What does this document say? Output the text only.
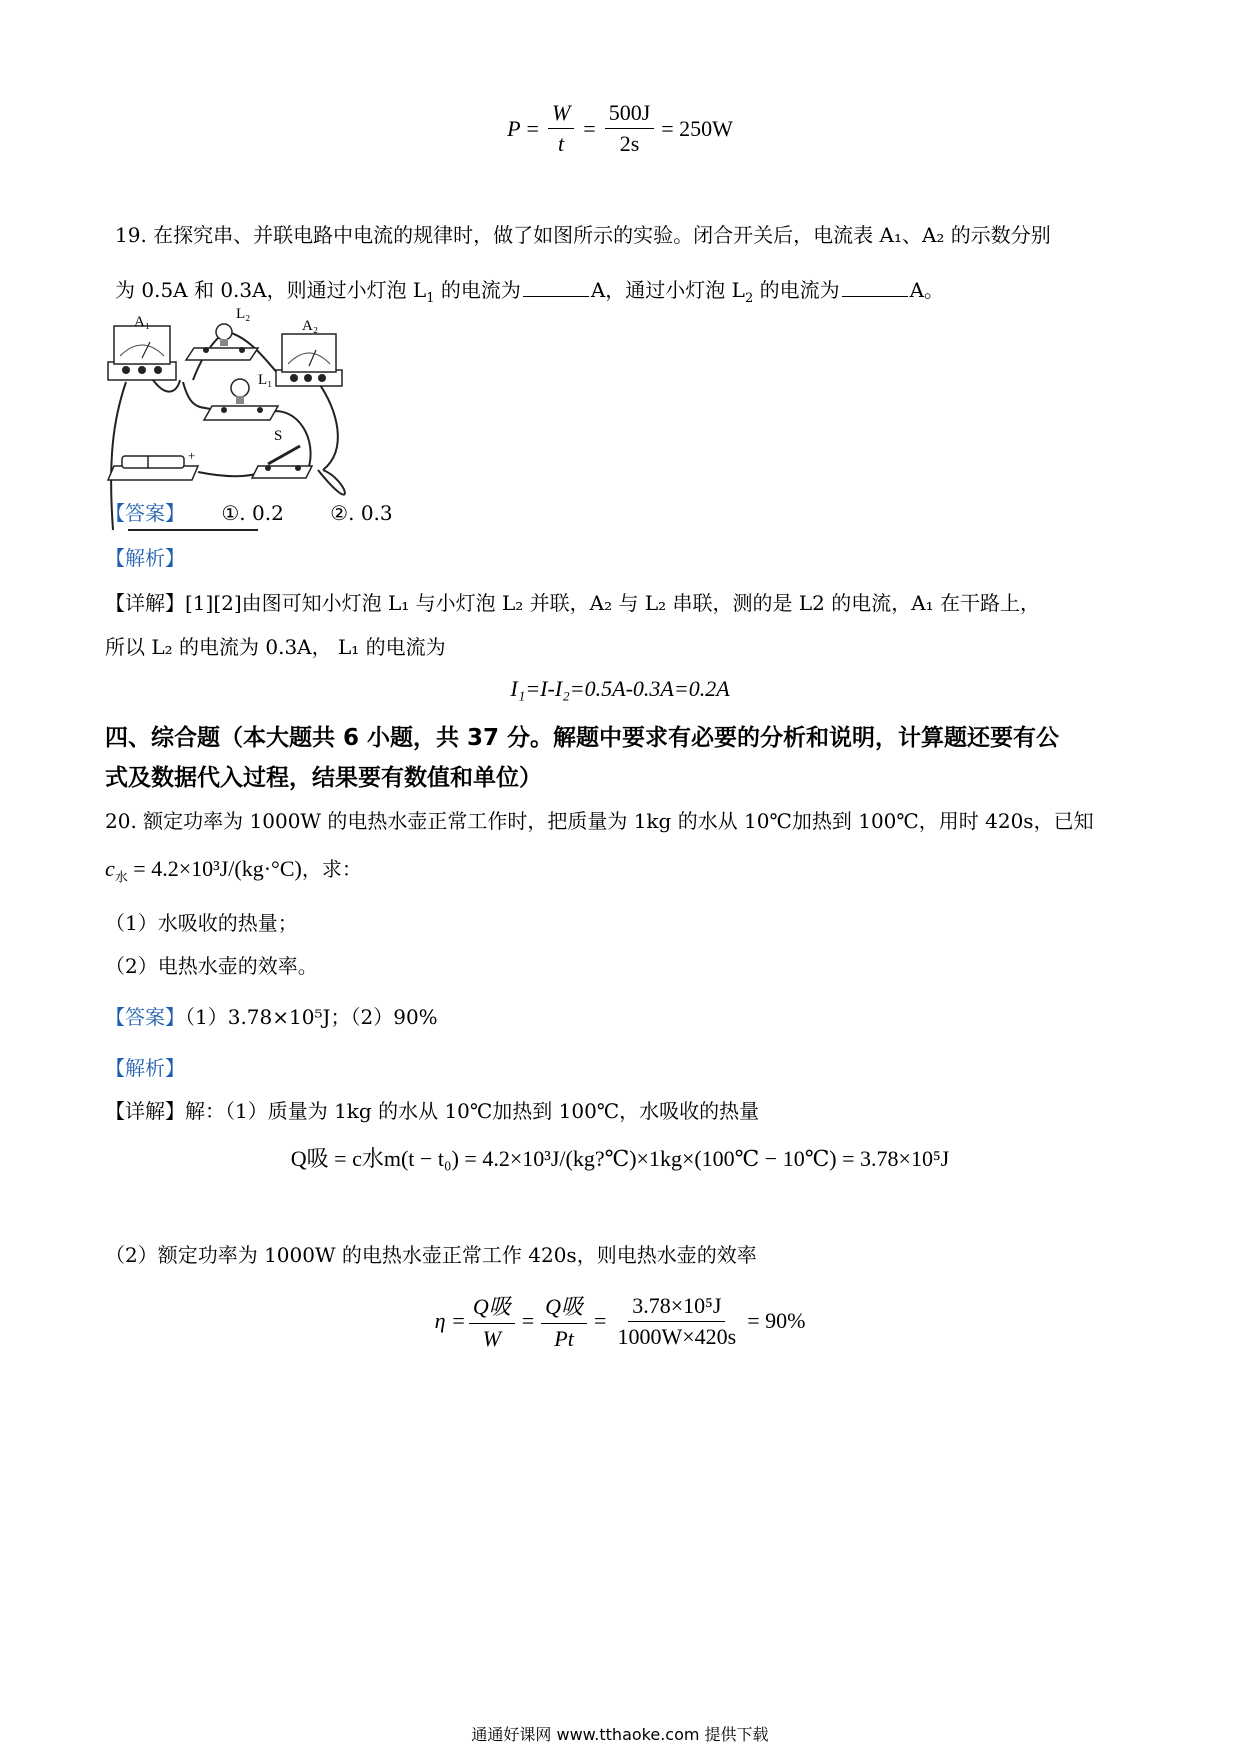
$P = \frac{W}{t} = \frac{500J}{2s} = 250W$
19. 在探究串、并联电路中电流的规律时，做了如图所示的实验。闭合开关后，电流表 A₁、A₂ 的示数分别
为 0.5A 和 0.3A，则通过小灯泡 $L_1$ 的电流为	A，通过小灯泡 $L_2$ 的电流为	A。
A₁	L₂
A₂
L₁
+
S
【答案】 ①. 0.2 ②. 0.3
【解析】
【详解】[1][2]由图可知小灯泡 L₁ 与小灯泡 L₂ 并联，A₂ 与 L₂ 串联，测的是 L2 的电流，A₁ 在干路上，
所以 L₂ 的电流为 0.3A， L₁ 的电流为
I₁=I-I₂=0.5A-0.3A=0.2A
四、综合题（本大题共 6 小题，共 37 分。解题中要求有必要的分析和说明，计算题还要有公
式及数据代入过程，结果要有数值和单位）
20. 额定功率为 1000W 的电热水壶正常工作时，把质量为 1kg 的水从 10℃加热到 100℃，用时 420s，已知
$c_水 = 4.2\times 10^3J/(kg\cdot^\circ C)$，求：
（1）水吸收的热量；
（2）电热水壶的效率。
【答案】（1）3.78×10⁵J；（2）90%
【解析】
【详解】解：（1）质量为 1kg 的水从 10℃加热到 100℃，水吸收的热量
Q吸 = c水m(t − t₀) = 4.2×10³J/(kg?℃)×1kg×(100℃ − 10℃) = 3.78×10⁵J
（2）额定功率为 1000W 的电热水壶正常工作 420s，则电热水壶的效率
$\eta = \frac{\text{Q吸}}{W} = \frac{\text{Q吸}}{Pt} = \frac{\text{3.78×10⁵J}}{1000W\times 420s} = 90\%$
通通好课网 www.tthaoke.com 提供下载
